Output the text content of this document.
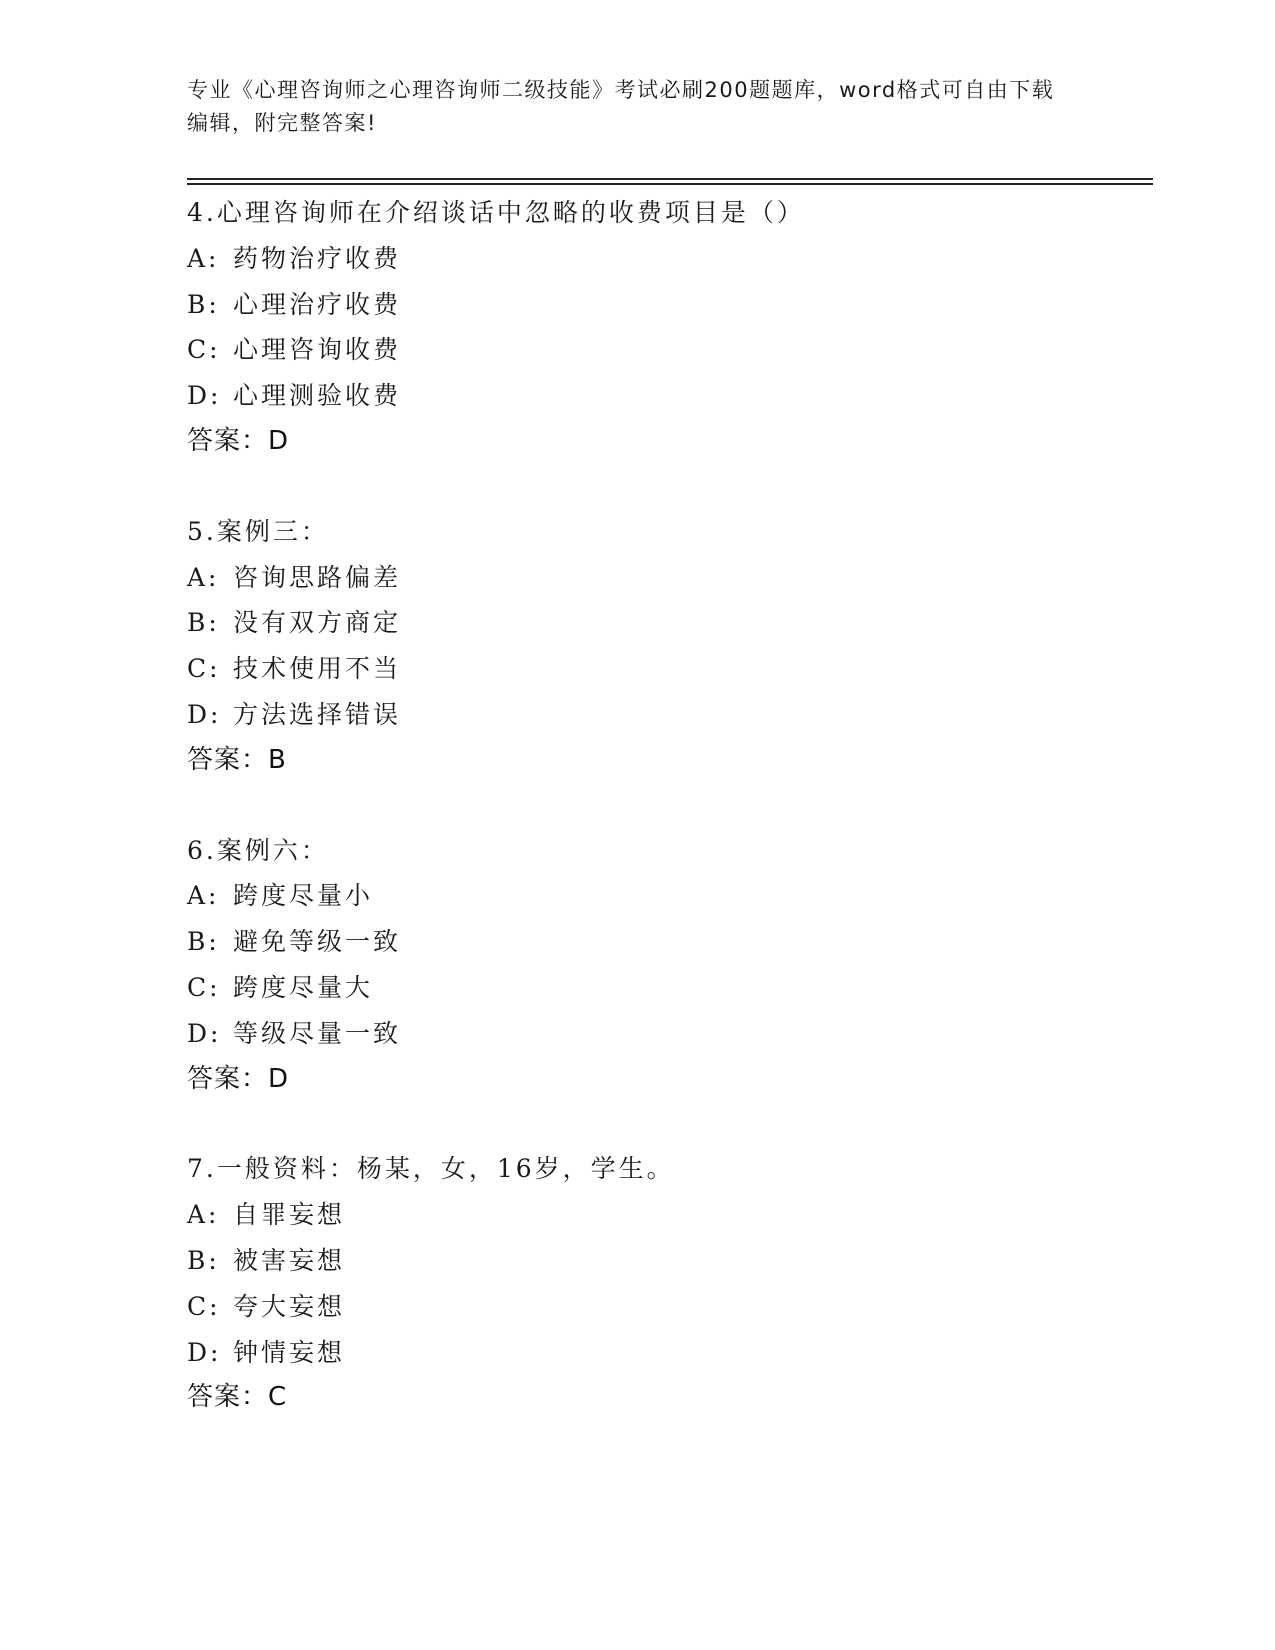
专业《心理咨询师之心理咨询师二级技能》考试必刷200题题库，word格式可自由下载编辑，附完整答案!

4.心理咨询师在介绍谈话中忽略的收费项目是（）
A: 药物治疗收费
B: 心理治疗收费
C: 心理咨询收费
D: 心理测验收费
答案：D
5.案例三：
A: 咨询思路偏差
B: 没有双方商定
C: 技术使用不当
D: 方法选择错误
答案：B
6.案例六：
A: 跨度尽量小
B: 避免等级一致
C: 跨度尽量大
D: 等级尽量一致
答案：D
7.一般资料：杨某，女，16岁，学生。
A: 自罪妄想
B: 被害妄想
C: 夸大妄想
D: 钟情妄想
答案：C
